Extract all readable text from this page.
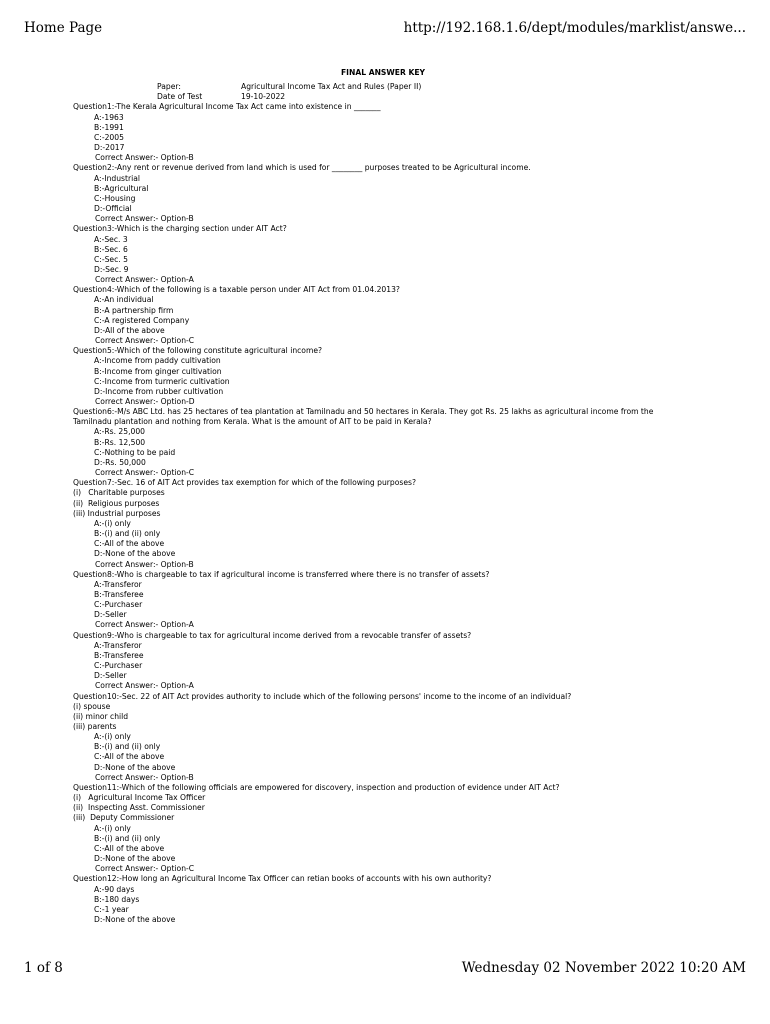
Home Page	http://192.168.1.6/dept/modules/marklist/answe...
FINAL ANSWER KEY
Paper:	Agricultural Income Tax Act and Rules (Paper II)
Date of Test	19-10-2022
Question1:-The Kerala Agricultural Income Tax Act came into existence in _______
A:-1963
B:-1991
C:-2005
D:-2017
Correct Answer:- Option-B
Question2:-Any rent or revenue derived from land which is used for ________ purposes treated to be Agricultural income.
A:-Industrial
B:-Agricultural
C:-Housing
D:-Official
Correct Answer:- Option-B
Question3:-Which is the charging section under AIT Act?
A:-Sec. 3
B:-Sec. 6
C:-Sec. 5
D:-Sec. 9
Correct Answer:- Option-A
Question4:-Which of the following is a taxable person under AIT Act from 01.04.2013?
A:-An individual
B:-A partnership firm
C:-A registered Company
D:-All of the above
Correct Answer:- Option-C
Question5:-Which of the following constitute agricultural income?
A:-Income from paddy cultivation
B:-Income from ginger cultivation
C:-Income from turmeric cultivation
D:-Income from rubber cultivation
Correct Answer:- Option-D
Question6:-M/s ABC Ltd. has 25 hectares of tea plantation at Tamilnadu and 50 hectares in Kerala. They got Rs. 25 lakhs as agricultural income from the Tamilnadu plantation and nothing from Kerala. What is the amount of AIT to be paid in Kerala?
A:-Rs. 25,000
B:-Rs. 12,500
C:-Nothing to be paid
D:-Rs. 50,000
Correct Answer:- Option-C
Question7:-Sec. 16 of AIT Act provides tax exemption for which of the following purposes?
(i)   Charitable purposes
(ii)  Religious purposes
(iii) Industrial purposes
A:-(i) only
B:-(i) and (ii) only
C:-All of the above
D:-None of the above
Correct Answer:- Option-B
Question8:-Who is chargeable to tax if agricultural income is transferred where there is no transfer of assets?
A:-Transferor
B:-Transferee
C:-Purchaser
D:-Seller
Correct Answer:- Option-A
Question9:-Who is chargeable to tax for agricultural income derived from a revocable transfer of assets?
A:-Transferor
B:-Transferee
C:-Purchaser
D:-Seller
Correct Answer:- Option-A
Question10:-Sec. 22 of AIT Act provides authority to include which of the following persons' income to the income of an individual?
(i) spouse
(ii) minor child
(iii) parents
A:-(i) only
B:-(i) and (ii) only
C:-All of the above
D:-None of the above
Correct Answer:- Option-B
Question11:-Which of the following officials are empowered for discovery, inspection and production of evidence under AIT Act?
(i)   Agricultural Income Tax Officer
(ii)  Inspecting Asst. Commissioner
(iii)  Deputy Commissioner
A:-(i) only
B:-(i) and (ii) only
C:-All of the above
D:-None of the above
Correct Answer:- Option-C
Question12:-How long an Agricultural Income Tax Officer can retian books of accounts with his own authority?
A:-90 days
B:-180 days
C:-1 year
D:-None of the above
1 of 8	Wednesday 02 November 2022 10:20 AM
